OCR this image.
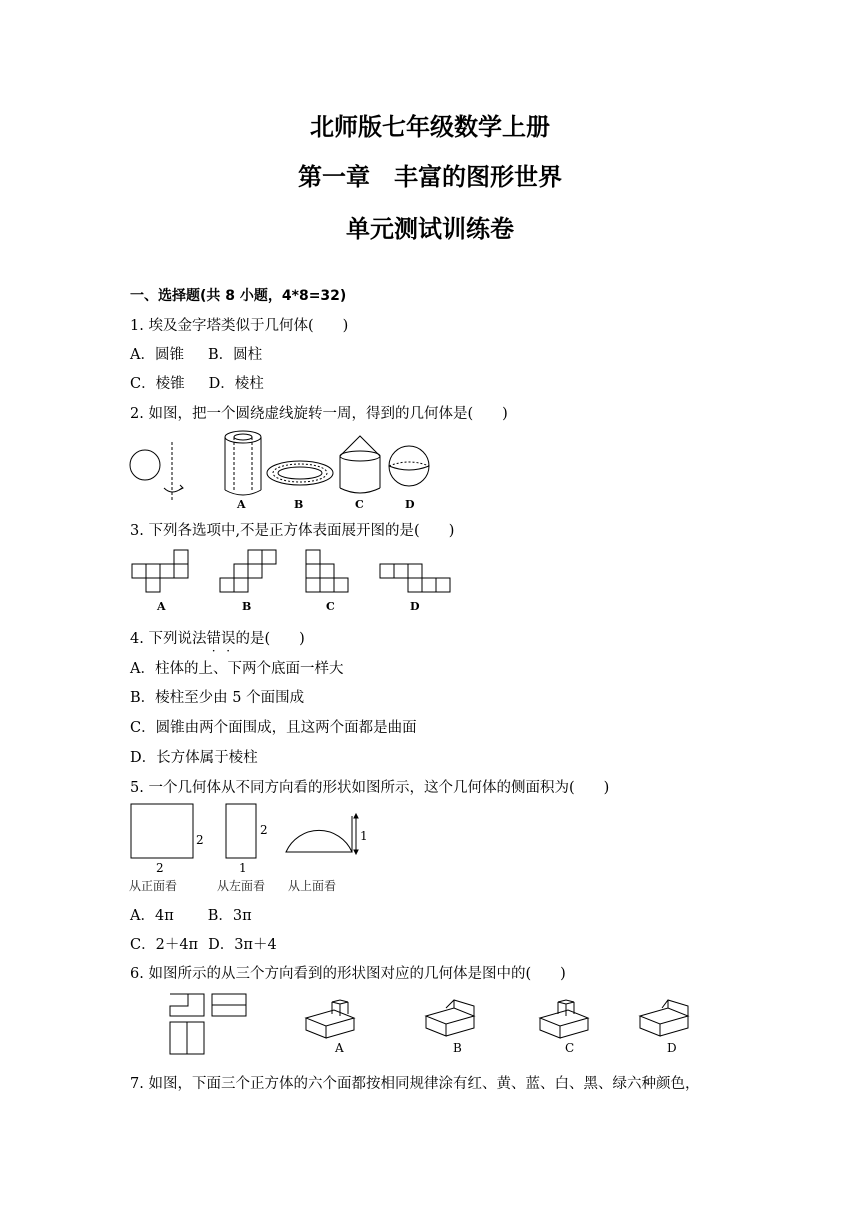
北师版七年级数学上册
第一章　丰富的图形世界
单元测试训练卷
一、选择题(共 8 小题，4*8=32)
1. 埃及金字塔类似于几何体(　　)
A．圆锥 B．圆柱
C．棱锥 D．棱柱
2. 如图，把一个圆绕虚线旋转一周，得到的几何体是(　　)
A	B	C	D
3. 下列各选项中,不是正方体表面展开图的是(　　)
A	B	C	D
4. 下列说法错误的是(　　)
A．柱体的上、下两个底面一样大
B．棱柱至少由 5 个面围成
C．圆锥由两个面围成，且这两个面都是曲面
D．长方体属于棱柱
5. 一个几何体从不同方向看的形状如图所示，这个几何体的侧面积为(　　)
2
2
2
1
1
从正面看	从左面看 从上面看
A．4π B．3π
C．2＋4π D．3π＋4
6. 如图所示的从三个方向看到的形状图对应的几何体是图中的(　　)
A	B	C	D
7. 如图，下面三个正方体的六个面都按相同规律涂有红、黄、蓝、白、黑、绿六种颜色，
